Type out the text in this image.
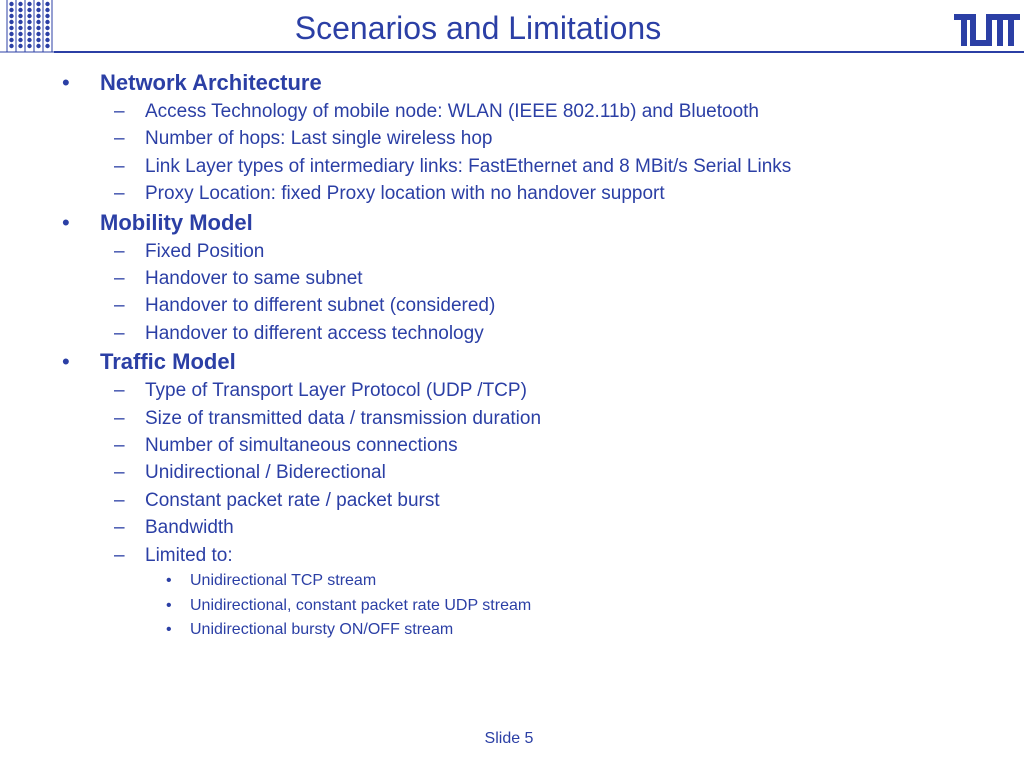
Scenarios and Limitations
• Network Architecture
– Access Technology of mobile node: WLAN (IEEE 802.11b) and Bluetooth
– Number of hops: Last single wireless hop
– Link Layer types of intermediary links: FastEthernet and 8 MBit/s Serial Links
– Proxy Location: fixed Proxy location with no handover support
• Mobility Model
– Fixed Position
– Handover to same subnet
– Handover to different subnet (considered)
– Handover to different access technology
• Traffic Model
– Type of Transport Layer Protocol (UDP /TCP)
– Size of transmitted data / transmission duration
– Number of simultaneous connections
– Unidirectional / Biderectional
– Constant packet rate / packet burst
– Bandwidth
– Limited to:
• Unidirectional TCP stream
• Unidirectional, constant packet rate UDP stream
• Unidirectional bursty ON/OFF stream
Slide 5
